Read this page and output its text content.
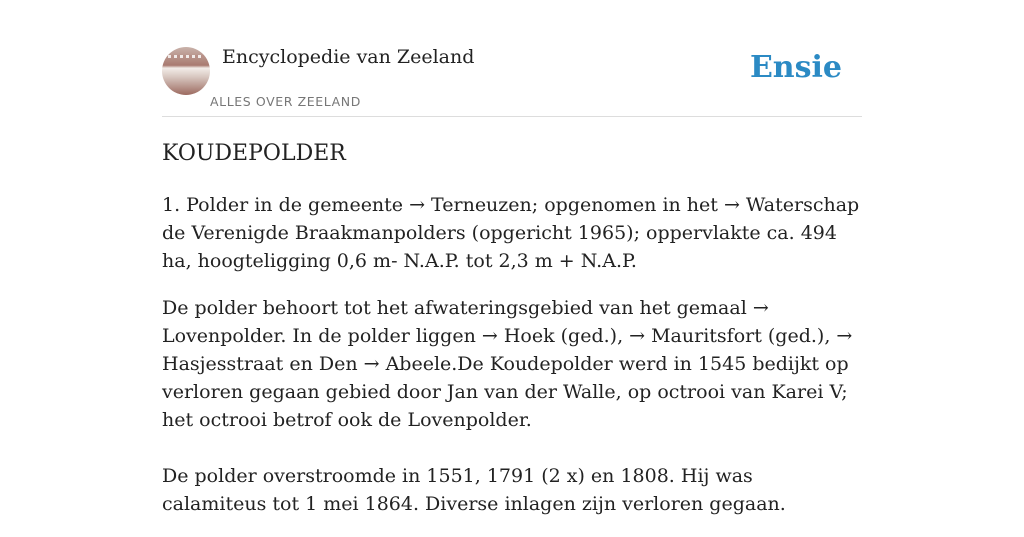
Encyclopedie van Zeeland
ALLES OVER ZEELAND
Ensie
KOUDEPOLDER

1. Polder in de gemeente → Terneuzen; opgenomen in het → Waterschap de Verenigde Braakmanpolders (opgericht 1965); oppervlakte ca. 494 ha, hoogteligging 0,6 m- N.A.P. tot 2,3 m + N.A.P.

De polder behoort tot het afwateringsgebied van het gemaal → Lovenpolder. In de polder liggen → Hoek (ged.), → Mauritsfort (ged.), → Hasjesstraat en Den → Abeele.De Koudepolder werd in 1545 bedijkt op verloren gegaan gebied door Jan van der Walle, op octrooi van Karei V; het octrooi betrof ook de Lovenpolder.

De polder overstroomde in 1551, 1791 (2 x) en 1808. Hij was calamiteus tot 1 mei 1864. Diverse inlagen zijn verloren gegaan.
